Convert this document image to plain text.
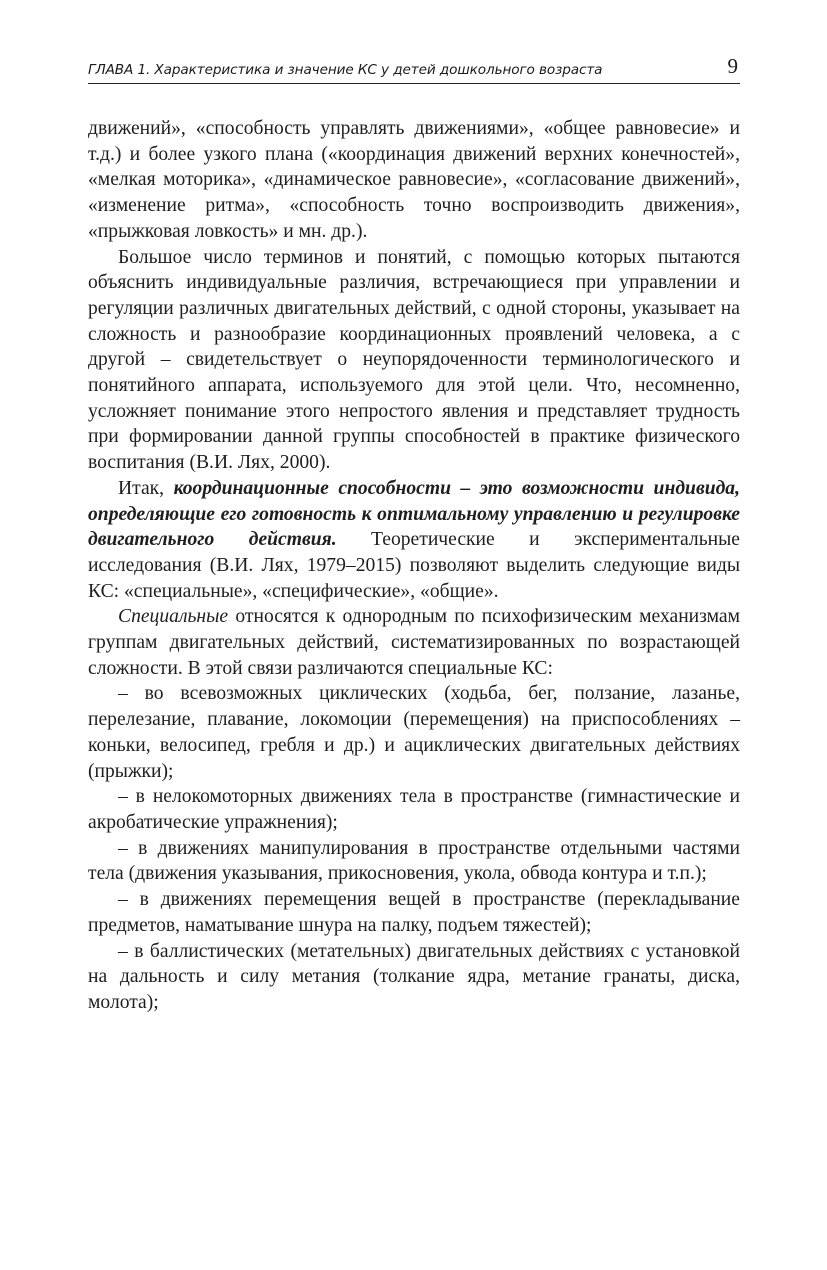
ГЛАВА 1. Характеристика и значение КС у детей дошкольного возраста	9

движений», «способность управлять движениями», «общее равновесие» и т.д.) и более узкого плана («координация движений верхних конечностей», «мелкая моторика», «динамическое равновесие», «согласование движений», «изменение ритма», «способность точно воспроизводить движения», «прыжковая ловкость» и мн. др.).

Большое число терминов и понятий, с помощью которых пытаются объяснить индивидуальные различия, встречающиеся при управлении и регуляции различных двигательных действий, с одной стороны, указывает на сложность и разнообразие координационных проявлений человека, а с другой – свидетельствует о неупорядоченности терминологического и понятийного аппарата, используемого для этой цели. Что, несомненно, усложняет понимание этого непростого явления и представляет трудность при формировании данной группы способностей в практике физического воспитания (В.И. Лях, 2000).

Итак, координационные способности – это возможности индивида, определяющие его готовность к оптимальному управлению и регулировке двигательного действия. Теоретические и экспериментальные исследования (В.И. Лях, 1979–2015) позволяют выделить следующие виды КС: «специальные», «специфические», «общие».

Специальные относятся к однородным по психофизическим механизмам группам двигательных действий, систематизированных по возрастающей сложности. В этой связи различаются специальные КС:

– во всевозможных циклических (ходьба, бег, ползание, лазанье, перелезание, плавание, локомоции (перемещения) на приспособлениях – коньки, велосипед, гребля и др.) и ациклических двигательных действиях (прыжки);

– в нелокомоторных движениях тела в пространстве (гимнастические и акробатические упражнения);

– в движениях манипулирования в пространстве отдельными частями тела (движения указывания, прикосновения, укола, обвода контура и т.п.);

– в движениях перемещения вещей в пространстве (перекладывание предметов, наматывание шнура на палку, подъем тяжестей);

– в баллистических (метательных) двигательных действиях с установкой на дальность и силу метания (толкание ядра, метание гранаты, диска, молота);
